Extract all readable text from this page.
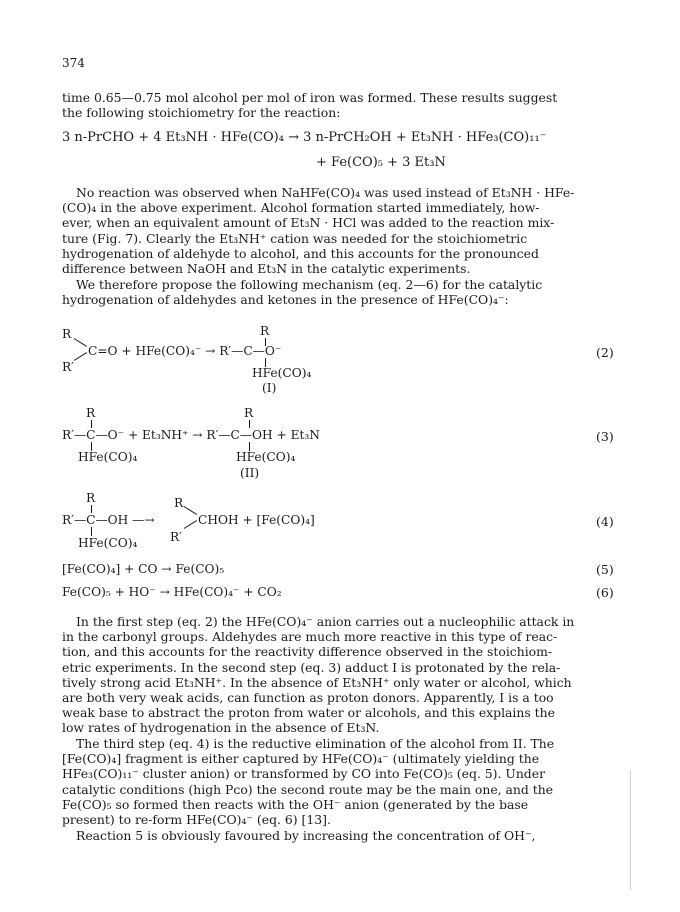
374
time 0.65—0.75 mol alcohol per mol of iron was formed. These results suggest
the following stoichiometry for the reaction:
3 n-PrCHO + 4 Et₃NH · HFe(CO)₄ → 3 n-PrCH₂OH + Et₃NH · HFe₃(CO)₁₁⁻
+ Fe(CO)₅ + 3 Et₃N
No reaction was observed when NaHFe(CO)₄ was used instead of Et₃NH · HFe-
(CO)₄ in the above experiment. Alcohol formation started immediately, how-
ever, when an equivalent amount of Et₃N · HCl was added to the reaction mix-
ture (Fig. 7). Clearly the Et₃NH⁺ cation was needed for the stoichiometric
hydrogenation of aldehyde to alcohol, and this accounts for the pronounced
difference between NaOH and Et₃N in the catalytic experiments.
We therefore propose the following mechanism (eq. 2—6) for the catalytic
hydrogenation of aldehydes and ketones in the presence of HFe(CO)₄⁻:
R
R′
R
C=O + HFe(CO)₄⁻ → R′—C—O⁻
HFe(CO)₄
(I)
(2)
R	R
R′—C—O⁻ + Et₃NH⁺ → R′—C—OH + Et₃N
HFe(CO)₄	HFe(CO)₄
(II)
(3)
R
R′—C—OH —→
R
CHOH + [Fe(CO)₄]
R′
HFe(CO)₄
(4)
[Fe(CO)₄] + CO → Fe(CO)₅	(5)
Fe(CO)₅ + HO⁻ → HFe(CO)₄⁻ + CO₂	(6)
In the first step (eq. 2) the HFe(CO)₄⁻ anion carries out a nucleophilic attack in
in the carbonyl groups. Aldehydes are much more reactive in this type of reac-
tion, and this accounts for the reactivity difference observed in the stoichiom-
etric experiments. In the second step (eq. 3) adduct I is protonated by the rela-
tively strong acid Et₃NH⁺. In the absence of Et₃NH⁺ only water or alcohol, which
are both very weak acids, can function as proton donors. Apparently, I is a too
weak base to abstract the proton from water or alcohols, and this explains the
low rates of hydrogenation in the absence of Et₃N.
The third step (eq. 4) is the reductive elimination of the alcohol from II. The
[Fe(CO)₄] fragment is either captured by HFe(CO)₄⁻ (ultimately yielding the
HFe₃(CO)₁₁⁻ cluster anion) or transformed by CO into Fe(CO)₅ (eq. 5). Under
catalytic conditions (high Pᴄᴏ) the second route may be the main one, and the
Fe(CO)₅ so formed then reacts with the OH⁻ anion (generated by the base
present) to re-form HFe(CO)₄⁻ (eq. 6) [13].
Reaction 5 is obviously favoured by increasing the concentration of OH⁻,
